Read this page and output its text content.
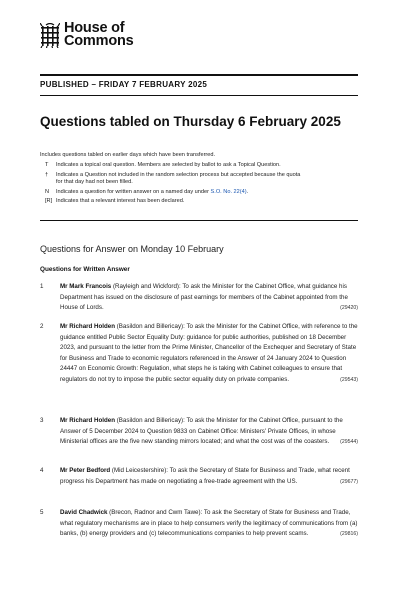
House of
Commons
PUBLISHED – FRIDAY 7 FEBRUARY 2025
Questions tabled on Thursday 6 February 2025
Includes questions tabled on earlier days which have been transferred.
T	Indicates a topical oral question. Members are selected by ballot to ask a Topical Question.
†	Indicates a Question not included in the random selection process but accepted because the quota for that day had not been filled.
N	Indicates a question for written answer on a named day under S.O. No. 22(4).
[R] Indicates that a relevant interest has been declared.
Questions for Answer on Monday 10 February
Questions for Written Answer
1	Mr Mark Francois (Rayleigh and Wickford): To ask the Minister for the Cabinet Office, what guidance his Department has issued on the disclosure of past earnings for members of the Cabinet appointed from the House of Lords.	(29420)
2	Mr Richard Holden (Basildon and Billericay): To ask the Minister for the Cabinet Office, with reference to the guidance entitled Public Sector Equality Duty: guidance for public authorities, published on 18 December 2023, and pursuant to the letter from the Prime Minister, Chancellor of the Exchequer and Secretary of State for Business and Trade to economic regulators referenced in the Answer of 24 January 2024 to Question 24447 on Economic Growth: Regulation, what steps he is taking with Cabinet colleagues to ensure that regulators do not try to impose the public sector equality duty on private companies.	(29543)
3	Mr Richard Holden (Basildon and Billericay): To ask the Minister for the Cabinet Office, pursuant to the Answer of 5 December 2024 to Question 9833 on Cabinet Office: Ministers' Private Offices, in whose Ministerial offices are the five new standing mirrors located; and what the cost was of the coasters. (29544)
4	Mr Peter Bedford (Mid Leicestershire): To ask the Secretary of State for Business and Trade, what recent progress his Department has made on negotiating a free-trade agreement with the US.	(29677)
5	David Chadwick (Brecon, Radnor and Cwm Tawe): To ask the Secretary of State for Business and Trade, what regulatory mechanisms are in place to help consumers verify the legitimacy of communications from (a) banks, (b) energy providers and (c) telecommunications companies to help prevent scams.	(29816)
